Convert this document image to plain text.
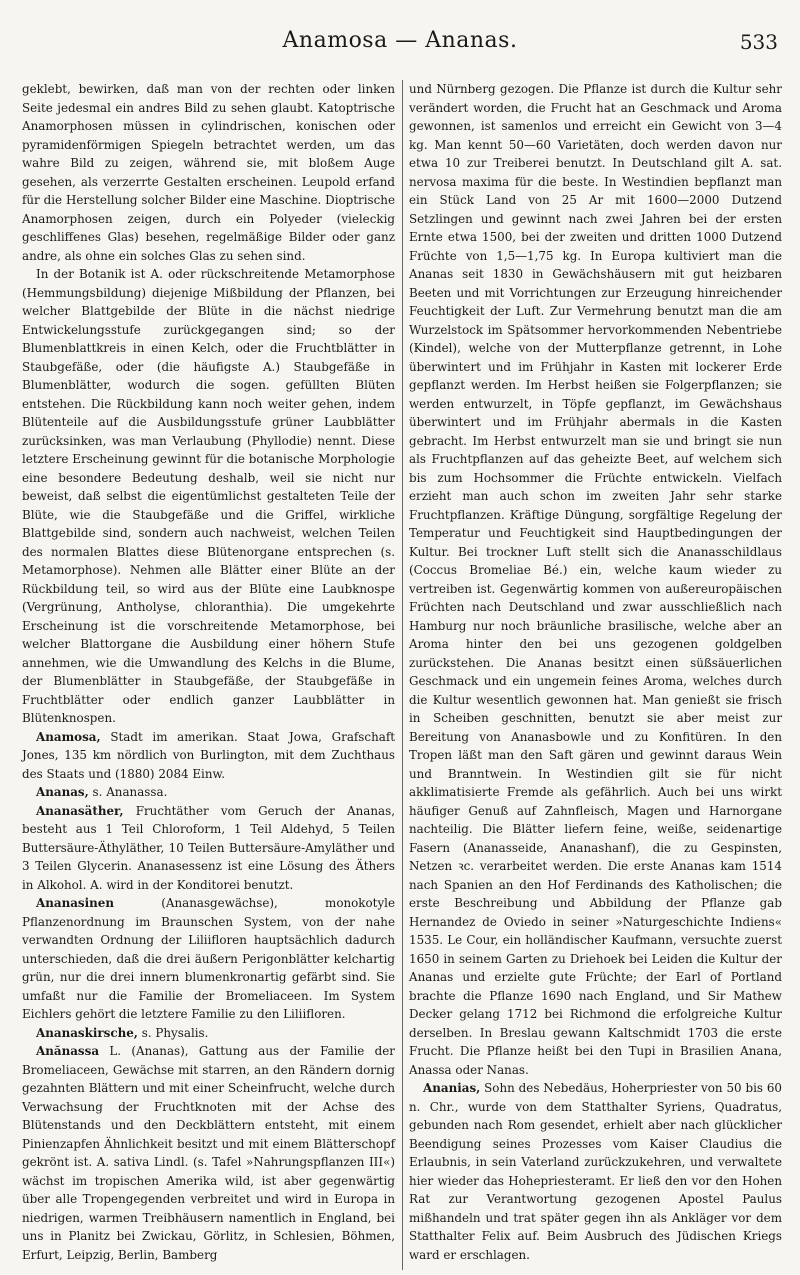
Anamosa — Ananas.	533

geklebt, bewirken, daß man von der rechten oder linken Seite jedesmal ein andres Bild zu sehen glaubt. Katoptrische Anamorphosen müssen in cylindrischen, konischen oder pyramidenförmigen Spiegeln betrachtet werden, um das wahre Bild zu zeigen, während sie, mit bloßem Auge gesehen, als verzerrte Gestalten erscheinen. Leupold erfand für die Herstellung solcher Bilder eine Maschine. Dioptrische Anamorphosen zeigen, durch ein Polyeder (vieleckig geschliffenes Glas) besehen, regelmäßige Bilder oder ganz andre, als ohne ein solches Glas zu sehen sind.

In der Botanik ist A. oder rückschreitende Metamorphose (Hemmungsbildung) diejenige Mißbildung der Pflanzen, bei welcher Blattgebilde der Blüte in die nächst niedrige Entwickelungsstufe zurückgegangen sind; so der Blumenblattkreis in einen Kelch, oder die Fruchtblätter in Staubgefäße, oder (die häufigste A.) Staubgefäße in Blumenblätter, wodurch die sogen. gefüllten Blüten entstehen. Die Rückbildung kann noch weiter gehen, indem Blütenteile auf die Ausbildungsstufe grüner Laubblätter zurücksinken, was man Verlaubung (Phyllodie) nennt. Diese letztere Erscheinung gewinnt für die botanische Morphologie eine besondere Bedeutung deshalb, weil sie nicht nur beweist, daß selbst die eigentümlichst gestalteten Teile der Blüte, wie die Staubgefäße und die Griffel, wirkliche Blattgebilde sind, sondern auch nachweist, welchen Teilen des normalen Blattes diese Blütenorgane entsprechen (s. Metamorphose). Nehmen alle Blätter einer Blüte an der Rückbildung teil, so wird aus der Blüte eine Laubknospe (Vergrünung, Antholyse, chloranthia). Die umgekehrte Erscheinung ist die vorschreitende Metamorphose, bei welcher Blattorgane die Ausbildung einer höhern Stufe annehmen, wie die Umwandlung des Kelchs in die Blume, der Blumenblätter in Staubgefäße, der Staubgefäße in Fruchtblätter oder endlich ganzer Laubblätter in Blütenknospen.

Anamosa, Stadt im amerikan. Staat Jowa, Grafschaft Jones, 135 km nördlich von Burlington, mit dem Zuchthaus des Staats und (1880) 2084 Einw.

Ananas, s. Ananassa.

Ananasäther, Fruchtäther vom Geruch der Ananas, besteht aus 1 Teil Chloroform, 1 Teil Aldehyd, 5 Teilen Buttersäure-Äthyläther, 10 Teilen Buttersäure-Amyläther und 3 Teilen Glycerin. Ananasessenz ist eine Lösung des Äthers in Alkohol. A. wird in der Konditorei benutzt.

Ananasinen (Ananasgewächse), monokotyle Pflanzenordnung im Braunschen System, von der nahe verwandten Ordnung der Liliifloren hauptsächlich dadurch unterschieden, daß die drei äußern Perigonblätter kelchartig grün, nur die drei innern blumenkronartig gefärbt sind. Sie umfaßt nur die Familie der Bromeliaceen. Im System Eichlers gehört die letztere Familie zu den Liliifloren.

Ananaskirsche, s. Physalis.

Anănassa L. (Ananas), Gattung aus der Familie der Bromeliaceen, Gewächse mit starren, an den Rändern dornig gezahnten Blättern und mit einer Scheinfrucht, welche durch Verwachsung der Fruchtknoten mit der Achse des Blütenstands und den Deckblättern entsteht, mit einem Pinienzapfen Ähnlichkeit besitzt und mit einem Blätterschopf gekrönt ist. A. sativa Lindl. (s. Tafel »Nahrungspflanzen III«) wächst im tropischen Amerika wild, ist aber gegenwärtig über alle Tropengegenden verbreitet und wird in Europa in niedrigen, warmen Treibhäusern namentlich in England, bei uns in Planitz bei Zwickau, Görlitz, in Schlesien, Böhmen, Erfurt, Leipzig, Berlin, Bamberg

und Nürnberg gezogen. Die Pflanze ist durch die Kultur sehr verändert worden, die Frucht hat an Geschmack und Aroma gewonnen, ist samenlos und erreicht ein Gewicht von 3—4 kg. Man kennt 50—60 Varietäten, doch werden davon nur etwa 10 zur Treiberei benutzt. In Deutschland gilt A. sat. nervosa maxima für die beste. In Westindien bepflanzt man ein Stück Land von 25 Ar mit 1600—2000 Dutzend Setzlingen und gewinnt nach zwei Jahren bei der ersten Ernte etwa 1500, bei der zweiten und dritten 1000 Dutzend Früchte von 1,5—1,75 kg. In Europa kultiviert man die Ananas seit 1830 in Gewächshäusern mit gut heizbaren Beeten und mit Vorrichtungen zur Erzeugung hinreichender Feuchtigkeit der Luft. Zur Vermehrung benutzt man die am Wurzelstock im Spätsommer hervorkommenden Nebentriebe (Kindel), welche von der Mutterpflanze getrennt, in Lohe überwintert und im Frühjahr in Kasten mit lockerer Erde gepflanzt werden. Im Herbst heißen sie Folgerpflanzen; sie werden entwurzelt, in Töpfe gepflanzt, im Gewächshaus überwintert und im Frühjahr abermals in die Kasten gebracht. Im Herbst entwurzelt man sie und bringt sie nun als Fruchtpflanzen auf das geheizte Beet, auf welchem sich bis zum Hochsommer die Früchte entwickeln. Vielfach erzieht man auch schon im zweiten Jahr sehr starke Fruchtpflanzen. Kräftige Düngung, sorgfältige Regelung der Temperatur und Feuchtigkeit sind Hauptbedingungen der Kultur. Bei trockner Luft stellt sich die Ananasschildlaus (Coccus Bromeliae Bé.) ein, welche kaum wieder zu vertreiben ist. Gegenwärtig kommen von außereuropäischen Früchten nach Deutschland und zwar ausschließlich nach Hamburg nur noch bräunliche brasilische, welche aber an Aroma hinter den bei uns gezogenen goldgelben zurückstehen. Die Ananas besitzt einen süßsäuerlichen Geschmack und ein ungemein feines Aroma, welches durch die Kultur wesentlich gewonnen hat. Man genießt sie frisch in Scheiben geschnitten, benutzt sie aber meist zur Bereitung von Ananasbowle und zu Konfitüren. In den Tropen läßt man den Saft gären und gewinnt daraus Wein und Branntwein. In Westindien gilt sie für nicht akklimatisierte Fremde als gefährlich. Auch bei uns wirkt häufiger Genuß auf Zahnfleisch, Magen und Harnorgane nachteilig. Die Blätter liefern feine, weiße, seidenartige Fasern (Ananasseide, Ananashanf), die zu Gespinsten, Netzen ꝛc. verarbeitet werden. Die erste Ananas kam 1514 nach Spanien an den Hof Ferdinands des Katholischen; die erste Beschreibung und Abbildung der Pflanze gab Hernandez de Oviedo in seiner »Naturgeschichte Indiens« 1535. Le Cour, ein holländischer Kaufmann, versuchte zuerst 1650 in seinem Garten zu Driehoek bei Leiden die Kultur der Ananas und erzielte gute Früchte; der Earl of Portland brachte die Pflanze 1690 nach England, und Sir Mathew Decker gelang 1712 bei Richmond die erfolgreiche Kultur derselben. In Breslau gewann Kaltschmidt 1703 die erste Frucht. Die Pflanze heißt bei den Tupi in Brasilien Anana, Anassa oder Nanas.

Ananias, Sohn des Nebedäus, Hoherpriester von 50 bis 60 n. Chr., wurde von dem Statthalter Syriens, Quadratus, gebunden nach Rom gesendet, erhielt aber nach glücklicher Beendigung seines Prozesses vom Kaiser Claudius die Erlaubnis, in sein Vaterland zurückzukehren, und verwaltete hier wieder das Hohepriesteramt. Er ließ den vor den Hohen Rat zur Verantwortung gezogenen Apostel Paulus mißhandeln und trat später gegen ihn als Ankläger vor dem Statthalter Felix auf. Beim Ausbruch des Jüdischen Kriegs ward er erschlagen.
